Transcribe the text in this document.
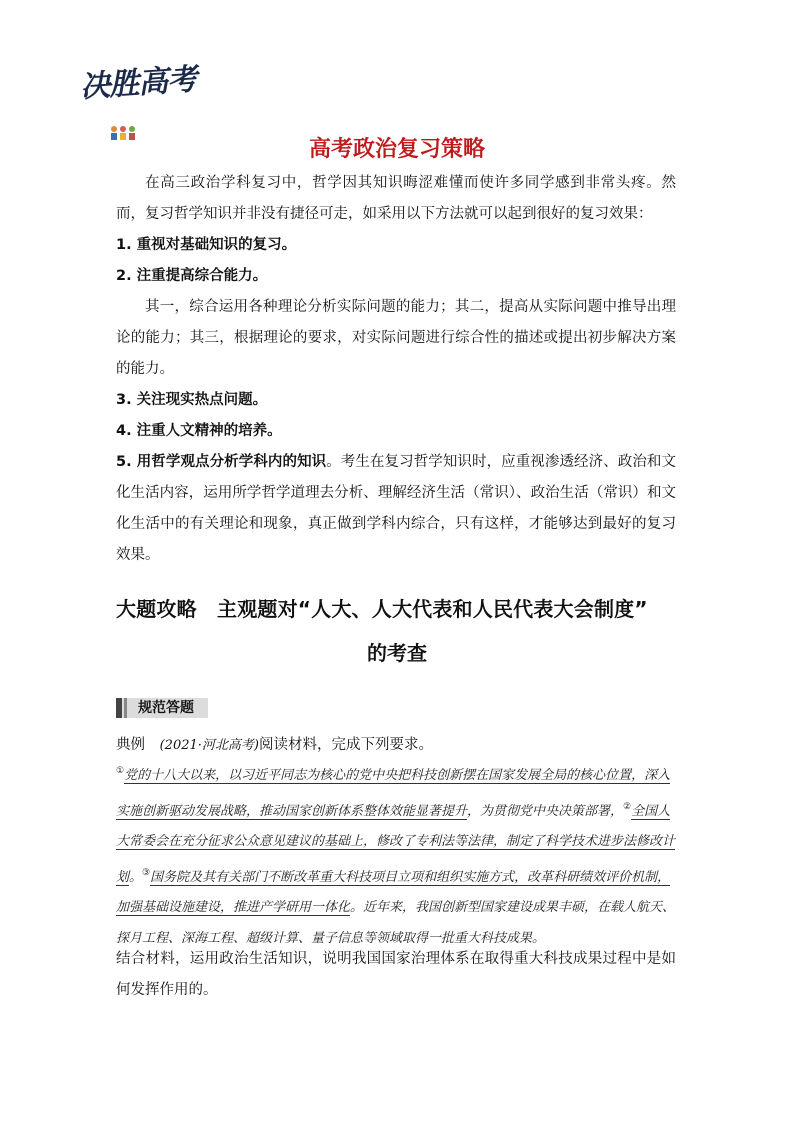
决胜高考
高考政治复习策略
在高三政治学科复习中，哲学因其知识晦涩难懂而使许多同学感到非常头疼。然而，复习哲学知识并非没有捷径可走，如采用以下方法就可以起到很好的复习效果：
1. 重视对基础知识的复习。
2. 注重提高综合能力。
其一，综合运用各种理论分析实际问题的能力；其二，提高从实际问题中推导出理论的能力；其三，根据理论的要求，对实际问题进行综合性的描述或提出初步解决方案的能力。
3. 关注现实热点问题。
4. 注重人文精神的培养。
5. 用哲学观点分析学科内的知识。考生在复习哲学知识时，应重视渗透经济、政治和文化生活内容，运用所学哲学道理去分析、理解经济生活（常识）、政治生活（常识）和文化生活中的有关理论和现象，真正做到学科内综合，只有这样，才能够达到最好的复习效果。
大题攻略　主观题对“人大、人大代表和人民代表大会制度”
的考查
规范答题
典例 (2021·河北高考)阅读材料，完成下列要求。
①党的十八大以来，以习近平同志为核心的党中央把科技创新摆在国家发展全局的核心位置，深入实施创新驱动发展战略，推动国家创新体系整体效能显著提升，为贯彻党中央决策部署，②全国人大常委会在充分征求公众意见建议的基础上，修改了专利法等法律，制定了科学技术进步法修改计划。③国务院及其有关部门不断改革重大科技项目立项和组织实施方式，改革科研绩效评价机制，加强基础设施建设，推进产学研用一体化。近年来，我国创新型国家建设成果丰硕，在载人航天、探月工程、深海工程、超级计算、量子信息等领域取得一批重大科技成果。
结合材料，运用政治生活知识，说明我国国家治理体系在取得重大科技成果过程中是如何发挥作用的。
